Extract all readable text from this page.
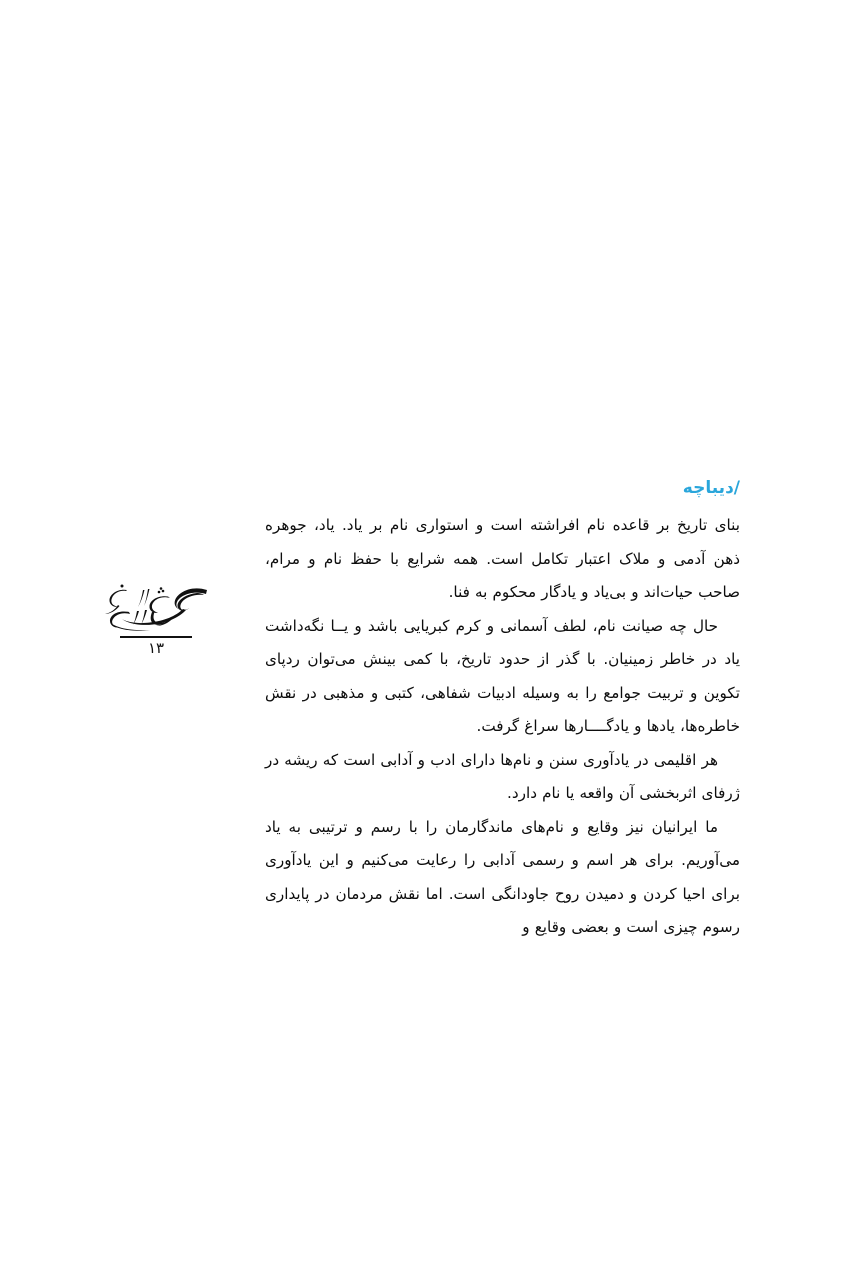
۱۳
/دیباچه

بنای تاریخ بر قاعده نام افراشته است و استواری نام بر یاد. یاد، جوهره ذهن آدمی و ملاک اعتبار تکامل است. همه شرایع با حفظ نام و مرام، صاحب حیات‌اند و بی‌یاد و یادگار محکوم به فنا.

حال چه صیانت نام، لطف آسمانی و کرم کبریایی باشد و یــا نگه‌داشت یاد در خاطر زمینیان. با گذر از حدود تاریخ، با کمی بینش می‌توان ردپای تکوین و تربیت جوامع را به وسیله ادبیات شفاهی، کتبی و مذهبی در نقش خاطره‌ها، یادها و یادگــــارها سراغ گرفت.

هر اقلیمی در یادآوری سنن و نام‌ها دارای ادب و آدابی است که ریشه در ژرفای اثربخشی آن واقعه یا نام دارد.

ما ایرانیان نیز وقایع و نام‌های ماندگارمان را با رسم و ترتیبی به یاد می‌آوریم. برای هر اسم و رسمی آدابی را رعایت می‌کنیم و این یادآوری برای احیا کردن و دمیدن روح جاودانگی است. اما نقش مردمان در پایداری رسوم چیزی است و بعضی وقایع و
